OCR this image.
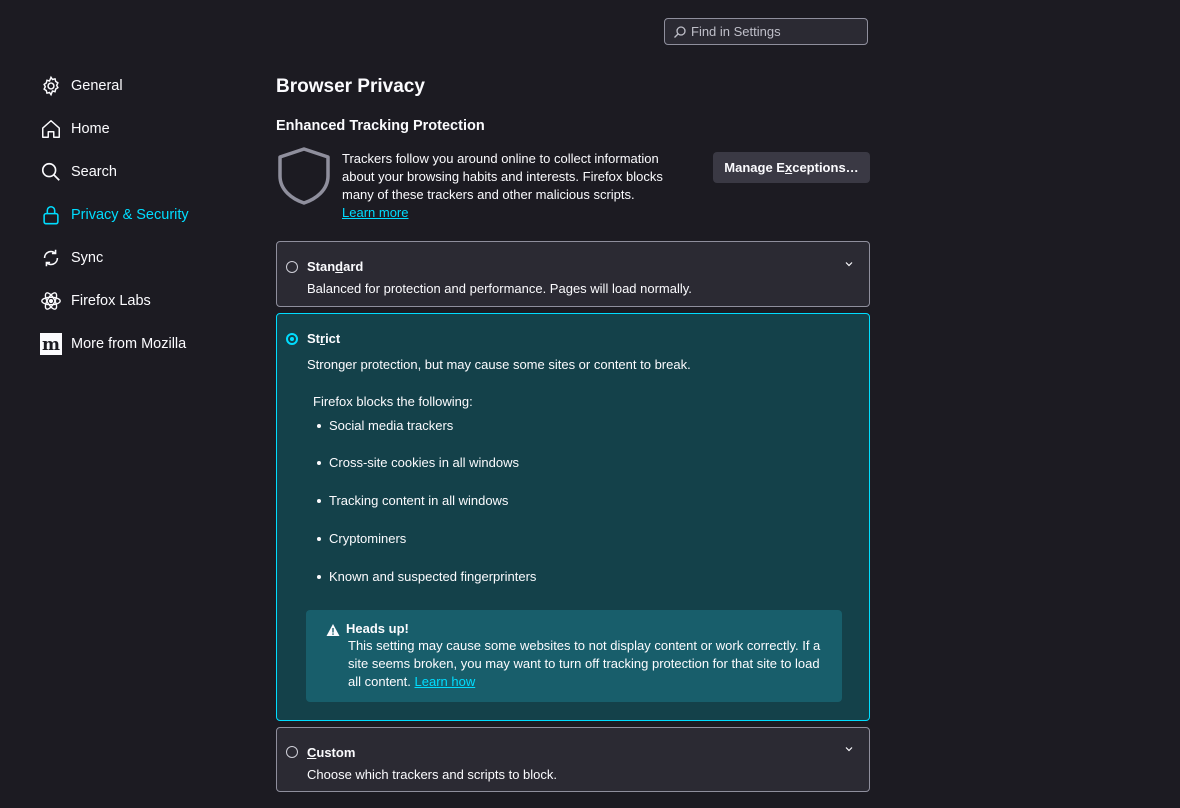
Find in Settings
General
Home
Search
Privacy & Security
Sync
Firefox Labs
m More from Mozilla
Browser Privacy
Enhanced Tracking Protection
Trackers follow you around online to collect information about your browsing habits and interests. Firefox blocks many of these trackers and other malicious scripts.
Learn more
Manage E x ceptions…
Standard
Balanced for protection and performance. Pages will load normally.
Strict
Stronger protection, but may cause some sites or content to break.
Firefox blocks the following:
Social media trackers
Cross-site cookies in all windows
Tracking content in all windows
Cryptominers
Known and suspected fingerprinters
Heads up!
This setting may cause some websites to not display content or work correctly. If a site seems broken, you may want to turn off tracking protection for that site to load all content. Learn how
Custom
Choose which trackers and scripts to block.
